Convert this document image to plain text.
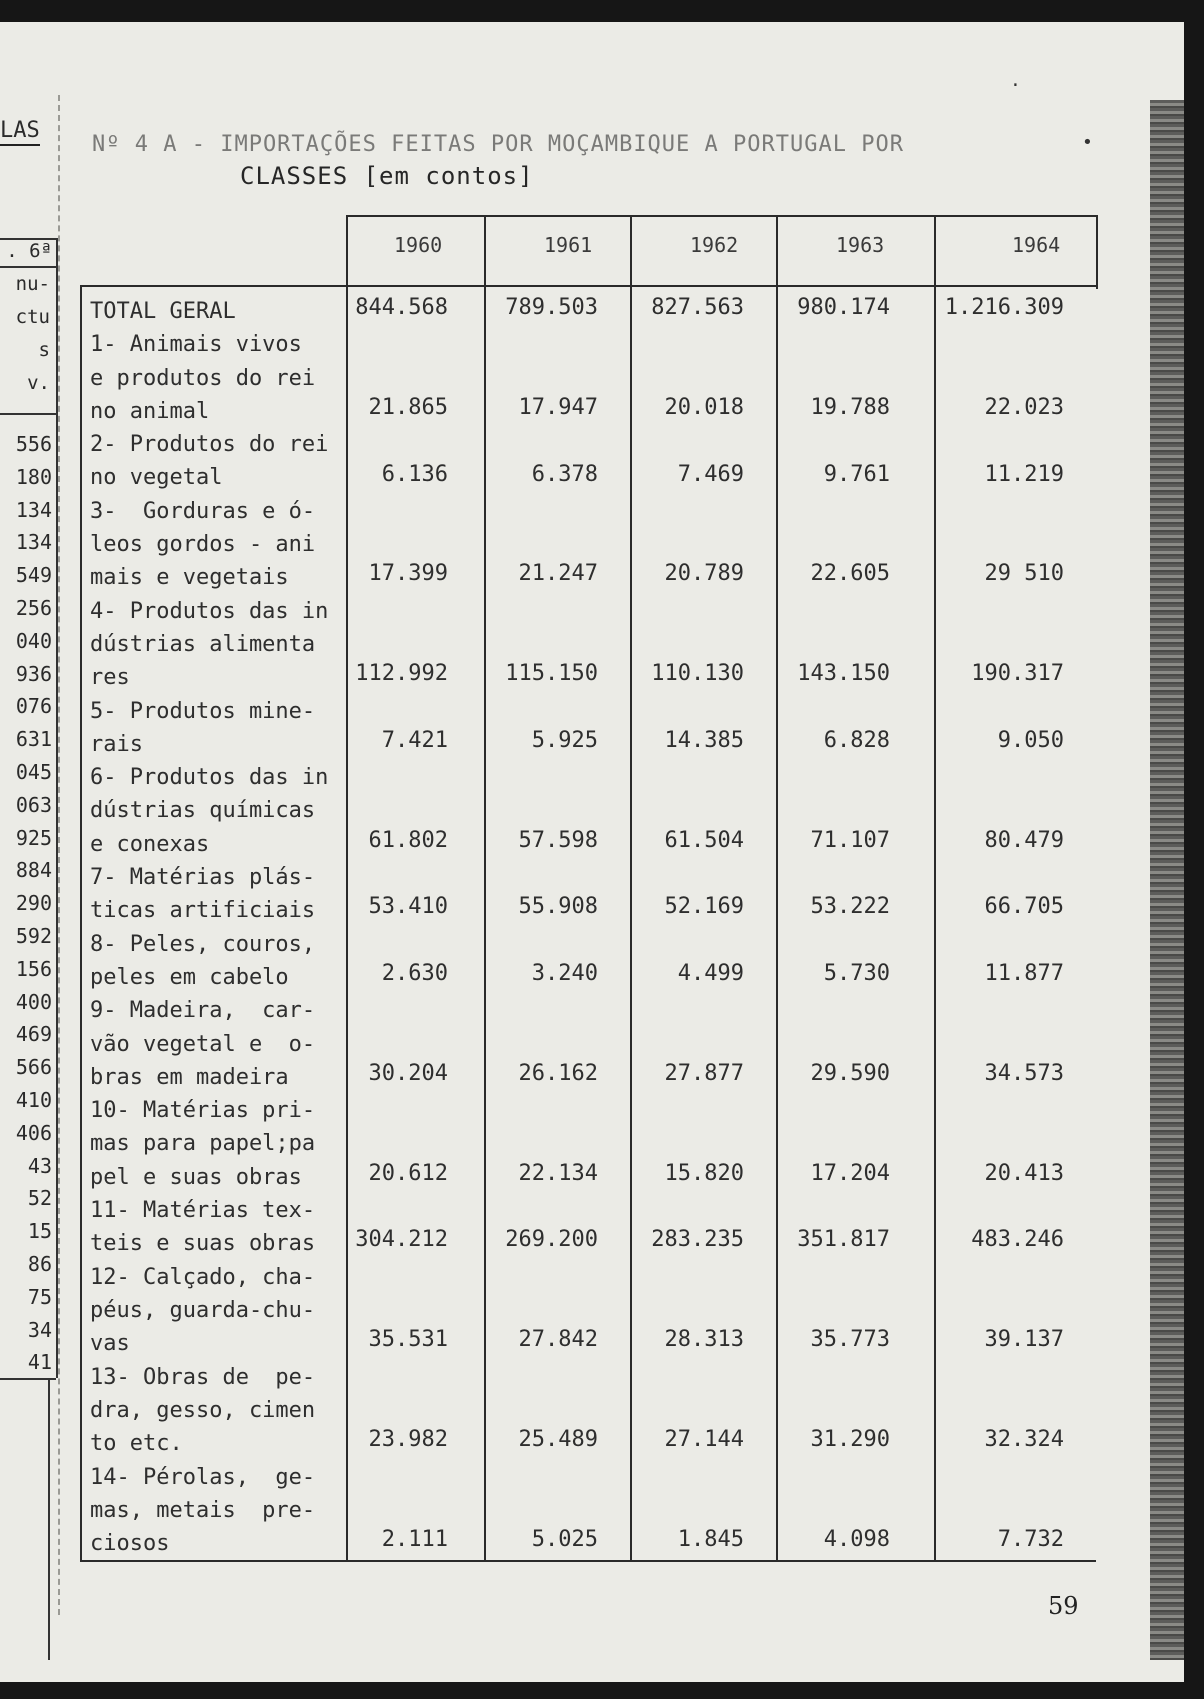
LAS
. 6ª
nu-
ctu
s
v.
556
180
134
134
549
256
040
936
076
631
045
063
925
884
290
592
156
400
469
566
410
406
43
52
15
86
75
34
41
Nº 4 A - IMPORTAÇÕES FEITAS POR MOÇAMBIQUE A PORTUGAL POR
CLASSES [em contos]
•
·
1960	1961	1962	1963	1964
TOTAL GERAL	844.568	789.503 827.563 980.174 1.216.309
1- Animais vivos
e produtos do rei
no animal	21.865	17.947	20.018	19.788	22.023
2- Produtos do rei
no vegetal	6.136	6.378	7.469	9.761	11.219
3-  Gorduras e ó-
leos gordos - ani
mais e vegetais	17.399	21.247	20.789	22.605	29 510
4- Produtos das in
dústrias alimenta
res	112.992	115.150 110.130 143.150	190.317
5- Produtos mine-
rais	7.421	5.925	14.385	6.828	9.050
6- Produtos das in
dústrias químicas
e conexas	61.802	57.598	61.504	71.107	80.479
7- Matérias plás-
ticas artificiais 53.410	55.908	52.169	53.222	66.705
8- Peles, couros,
peles em cabelo	2.630	3.240	4.499	5.730	11.877
9- Madeira,  car-
vão vegetal e  o-
bras em madeira	30.204	26.162	27.877	29.590	34.573
10- Matérias pri-
mas para papel;pa
pel e suas obras	20.612	22.134	15.820	17.204	20.413
11- Matérias tex-
teis e suas obras 304.212	269.200 283.235 351.817	483.246
12- Calçado, cha-
péus, guarda-chu-
vas	35.531	27.842	28.313	35.773	39.137
13- Obras de  pe-
dra, gesso, cimen
to etc.	23.982	25.489	27.144	31.290	32.324
14- Pérolas,  ge-
mas, metais  pre-
ciosos	2.111	5.025	1.845	4.098	7.732
59
